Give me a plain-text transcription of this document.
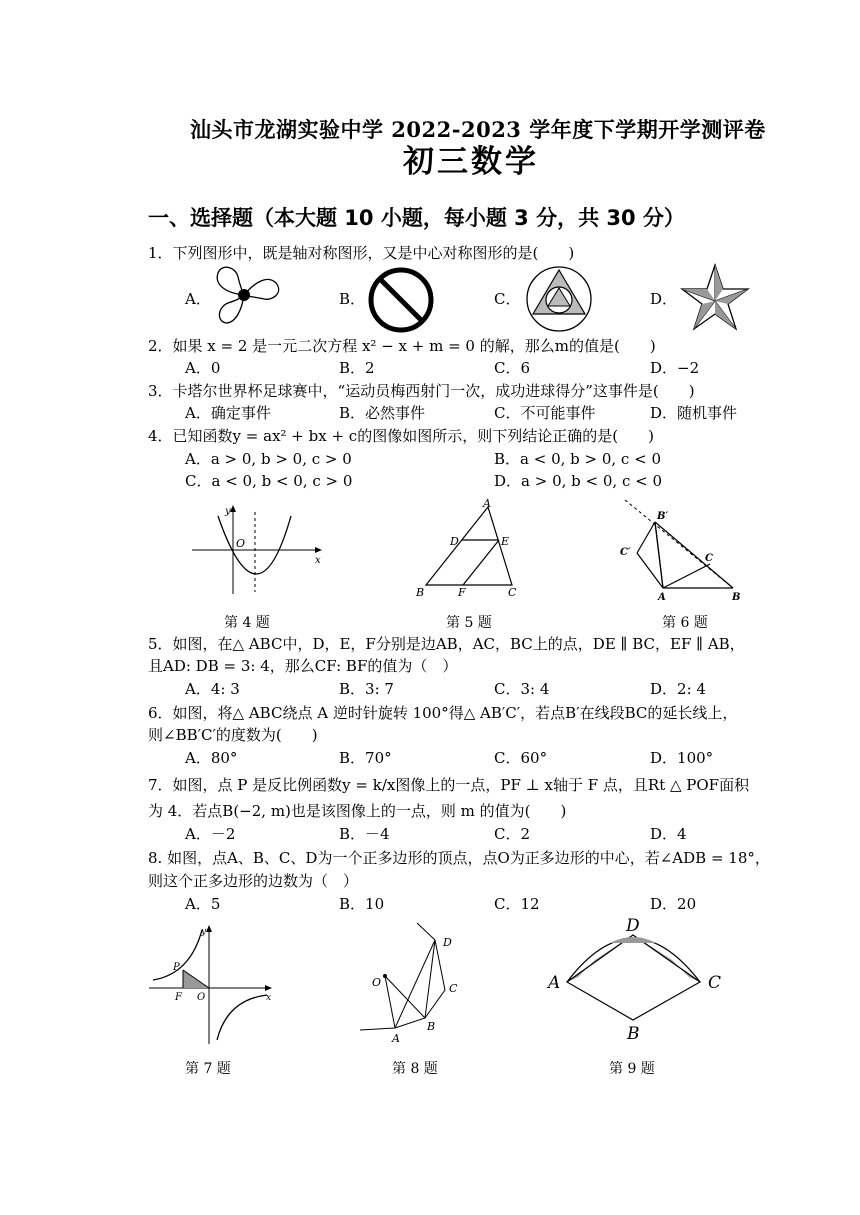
汕头市龙湖实验中学 2022-2023 学年度下学期开学测评卷
初三数学
一、选择题（本大题 10 小题，每小题 3 分，共 30 分）
1．下列图形中，既是轴对称图形，又是中心对称图形的是(　　)
A．	B．	C．	D．
2．如果 x = 2 是一元二次方程 x² − x + m = 0 的解，那么m的值是(　　)
A．0	B．2	C．6	D．−2
3．卡塔尔世界杯足球赛中，“运动员梅西射门一次，成功进球得分”这事件是(　　)
A．确定事件	B．必然事件	C．不可能事件	D．随机事件
4．已知函数y = ax² + bx + c的图像如图所示，则下列结论正确的是(　　)
A．a > 0, b > 0, c > 0	B．a < 0, b > 0, c < 0
C．a < 0, b < 0, c > 0	D．a > 0, b < 0, c < 0
y
O
x
A
D	E
B	F	C
B′
C′
C
A	B
第 4 题	第 5 题	第 6 题
5．如图，在△ ABC中，D，E，F分别是边AB，AC，BC上的点，DE ∥ BC，EF ∥ AB，
且AD: DB = 3: 4，那么CF: BF的值为（　）
A．4: 3	B．3: 7	C．3: 4	D．2: 4
6．如图，将△ ABC绕点 A 逆时针旋转 100°得△ AB′C′，若点B′在线段BC的延长线上，
则∠BB′C′的度数为(　　)
A．80°	B．70°	C．60°	D．100°
7．如图，点 P 是反比例函数y = k/x图像上的一点，PF ⊥ x轴于 F 点，且Rt △ POF面积
为 4．若点B(−2, m)也是该图像上的一点，则 m 的值为(　　)
A．－2	B．－4	C．2	D．4
8. 如图，点A、B、C、D为一个正多边形的顶点，点O为正多边形的中心，若∠ADB = 18°，
则这个正多边形的边数为（　）
A．5	B．10	C．12	D．20
y
P
F O	x
D
O	C
B
A
D
A	C
B
第 7 题	第 8 题	第 9 题
